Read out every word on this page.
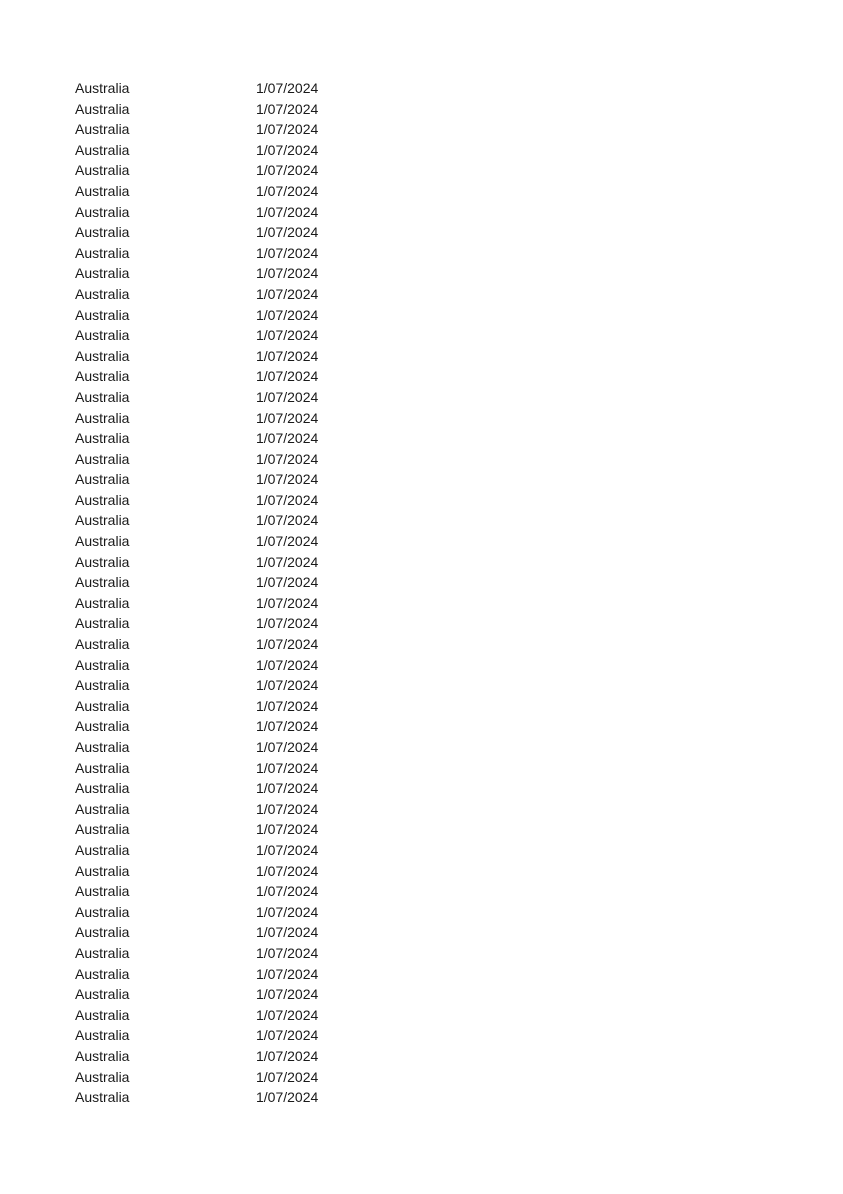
Australia	1/07/2024
Australia	1/07/2024
Australia	1/07/2024
Australia	1/07/2024
Australia	1/07/2024
Australia	1/07/2024
Australia	1/07/2024
Australia	1/07/2024
Australia	1/07/2024
Australia	1/07/2024
Australia	1/07/2024
Australia	1/07/2024
Australia	1/07/2024
Australia	1/07/2024
Australia	1/07/2024
Australia	1/07/2024
Australia	1/07/2024
Australia	1/07/2024
Australia	1/07/2024
Australia	1/07/2024
Australia	1/07/2024
Australia	1/07/2024
Australia	1/07/2024
Australia	1/07/2024
Australia	1/07/2024
Australia	1/07/2024
Australia	1/07/2024
Australia	1/07/2024
Australia	1/07/2024
Australia	1/07/2024
Australia	1/07/2024
Australia	1/07/2024
Australia	1/07/2024
Australia	1/07/2024
Australia	1/07/2024
Australia	1/07/2024
Australia	1/07/2024
Australia	1/07/2024
Australia	1/07/2024
Australia	1/07/2024
Australia	1/07/2024
Australia	1/07/2024
Australia	1/07/2024
Australia	1/07/2024
Australia	1/07/2024
Australia	1/07/2024
Australia	1/07/2024
Australia	1/07/2024
Australia	1/07/2024
Australia	1/07/2024
